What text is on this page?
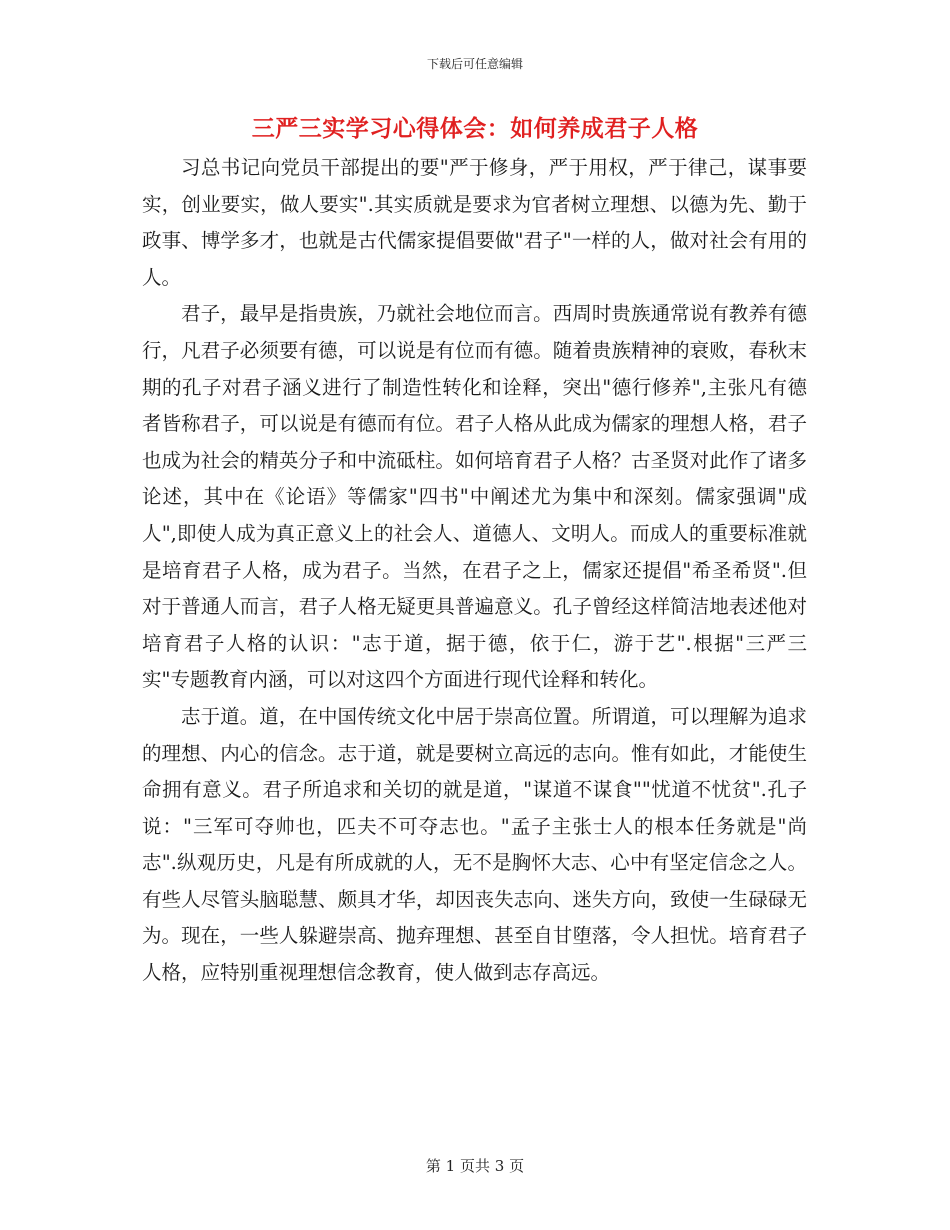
下载后可任意编辑
三严三实学习心得体会：如何养成君子人格

习总书记向党员干部提出的要"严于修身，严于用权，严于律己，谋事要实，创业要实，做人要实".其实质就是要求为官者树立理想、以德为先、勤于政事、博学多才，也就是古代儒家提倡要做"君子"一样的人，做对社会有用的人。

君子，最早是指贵族，乃就社会地位而言。西周时贵族通常说有教养有德行，凡君子必须要有德，可以说是有位而有德。随着贵族精神的衰败，春秋末期的孔子对君子涵义进行了制造性转化和诠释，突出"德行修养",主张凡有德者皆称君子，可以说是有德而有位。君子人格从此成为儒家的理想人格，君子也成为社会的精英分子和中流砥柱。如何培育君子人格？古圣贤对此作了诸多论述，其中在《论语》等儒家"四书"中阐述尤为集中和深刻。儒家强调"成人",即使人成为真正意义上的社会人、道德人、文明人。而成人的重要标准就是培育君子人格，成为君子。当然，在君子之上，儒家还提倡"希圣希贤".但对于普通人而言，君子人格无疑更具普遍意义。孔子曾经这样简洁地表述他对培育君子人格的认识："志于道，据于德，依于仁，游于艺".根据"三严三实"专题教育内涵，可以对这四个方面进行现代诠释和转化。

志于道。道，在中国传统文化中居于崇高位置。所谓道，可以理解为追求的理想、内心的信念。志于道，就是要树立高远的志向。惟有如此，才能使生命拥有意义。君子所追求和关切的就是道，"谋道不谋食""忧道不忧贫".孔子说："三军可夺帅也，匹夫不可夺志也。"孟子主张士人的根本任务就是"尚志".纵观历史，凡是有所成就的人，无不是胸怀大志、心中有坚定信念之人。有些人尽管头脑聪慧、颇具才华，却因丧失志向、迷失方向，致使一生碌碌无为。现在，一些人躲避崇高、抛弃理想、甚至自甘堕落，令人担忧。培育君子人格，应特别重视理想信念教育，使人做到志存高远。

第 1 页共 3 页
